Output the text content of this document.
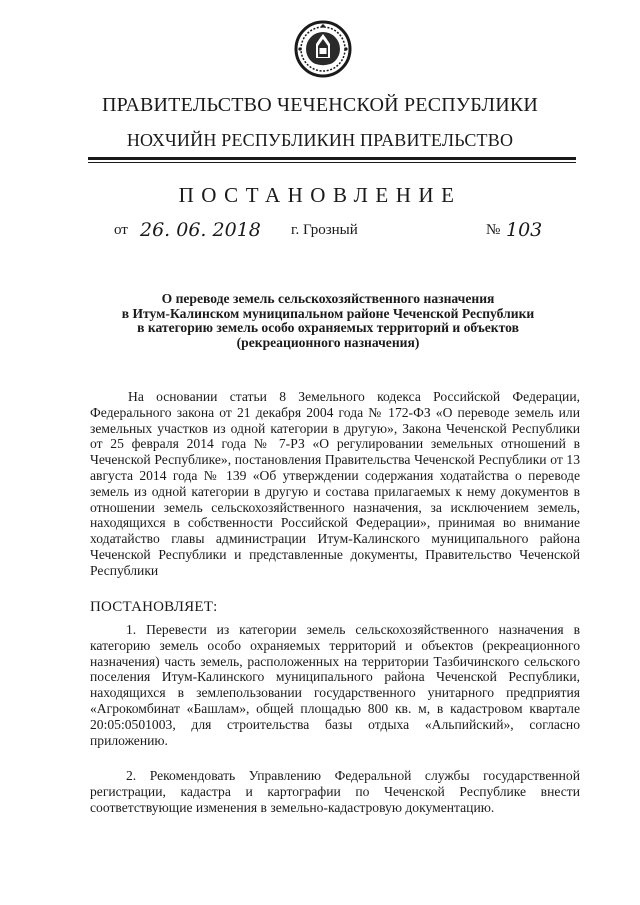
ПРАВИТЕЛЬСТВО ЧЕЧЕНСКОЙ РЕСПУБЛИКИ
НОХЧИЙН РЕСПУБЛИКИН ПРАВИТЕЛЬСТВО
ПОСТАНОВЛЕНИЕ
от 26. 06. 2018 г. Грозный	№ 103
О переводе земель сельскохозяйственного назначения
в Итум-Калинском муниципальном районе Чеченской Республики
в категорию земель особо охраняемых территорий и объектов
(рекреационного назначения)
На основании статьи 8 Земельного кодекса Российской Федерации, Федерального закона от 21 декабря 2004 года № 172-ФЗ «О переводе земель или земельных участков из одной категории в другую», Закона Чеченской Республики от 25 февраля 2014 года № 7-РЗ «О регулировании земельных отношений в Чеченской Республике», постановления Правительства Чеченской Республики от 13 августа 2014 года № 139 «Об утверждении содержания ходатайства о переводе земель из одной категории в другую и состава прилагаемых к нему документов в отношении земель сельскохозяйственного назначения, за исключением земель, находящихся в собственности Российской Федерации», принимая во внимание ходатайство главы администрации Итум-Калинского муниципального района Чеченской Республики и представленные документы, Правительство Чеченской Республики
ПОСТАНОВЛЯЕТ:
1. Перевести из категории земель сельскохозяйственного назначения в категорию земель особо охраняемых территорий и объектов (рекреационного назначения) часть земель, расположенных на территории Тазбичинского сельского поселения Итум-Калинского муниципального района Чеченской Республики, находящихся в землепользовании государственного унитарного предприятия «Агрокомбинат «Башлам», общей площадью 800 кв. м, в кадастровом квартале 20:05:0501003, для строительства базы отдыха «Альпийский», согласно приложению.
2. Рекомендовать Управлению Федеральной службы государственной регистрации, кадастра и картографии по Чеченской Республике внести соответствующие изменения в земельно-кадастровую документацию.
